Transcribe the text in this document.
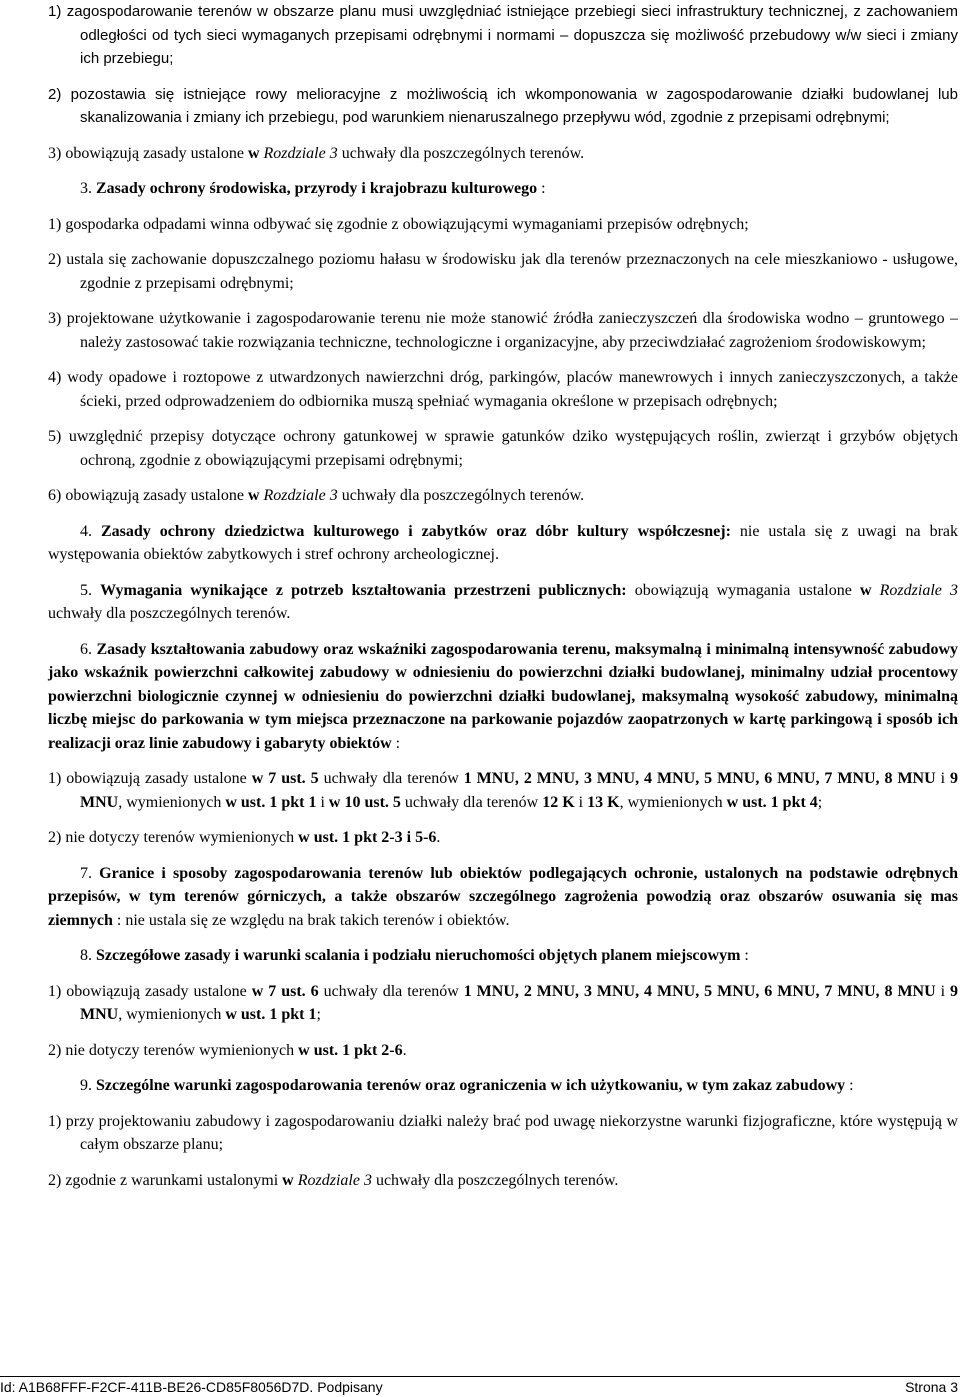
1) zagospodarowanie terenów w obszarze planu musi uwzględniać istniejące przebiegi sieci infrastruktury technicznej, z zachowaniem odległości od tych sieci wymaganych przepisami odrębnymi i normami – dopuszcza się możliwość przebudowy w/w sieci i zmiany ich przebiegu;

2) pozostawia się istniejące rowy melioracyjne z możliwością ich wkomponowania w zagospodarowanie działki budowlanej lub skanalizowania i zmiany ich przebiegu, pod warunkiem nienaruszalnego przepływu wód, zgodnie z przepisami odrębnymi;

3) obowiązują zasady ustalone w Rozdziale 3 uchwały dla poszczególnych terenów.

3. Zasady ochrony środowiska, przyrody i krajobrazu kulturowego :

1) gospodarka odpadami winna odbywać się zgodnie z obowiązującymi wymaganiami przepisów odrębnych;

2) ustala się zachowanie dopuszczalnego poziomu hałasu w środowisku jak dla terenów przeznaczonych na cele mieszkaniowo - usługowe, zgodnie z przepisami odrębnymi;

3) projektowane użytkowanie i zagospodarowanie terenu nie może stanowić źródła zanieczyszczeń dla środowiska wodno – gruntowego – należy zastosować takie rozwiązania techniczne, technologiczne i organizacyjne, aby przeciwdziałać zagrożeniom środowiskowym;

4) wody opadowe i roztopowe z utwardzonych nawierzchni dróg, parkingów, placów manewrowych i innych zanieczyszczonych, a także ścieki, przed odprowadzeniem do odbiornika muszą spełniać wymagania określone w przepisach odrębnych;

5) uwzględnić przepisy dotyczące ochrony gatunkowej w sprawie gatunków dziko występujących roślin, zwierząt i grzybów objętych ochroną, zgodnie z obowiązującymi przepisami odrębnymi;

6) obowiązują zasady ustalone w Rozdziale 3 uchwały dla poszczególnych terenów.

4. Zasady ochrony dziedzictwa kulturowego i zabytków oraz dóbr kultury współczesnej: nie ustala się z uwagi na brak występowania obiektów zabytkowych i stref ochrony archeologicznej.

5. Wymagania wynikające z potrzeb kształtowania przestrzeni publicznych: obowiązują wymagania ustalone w Rozdziale 3 uchwały dla poszczególnych terenów.

6. Zasady kształtowania zabudowy oraz wskaźniki zagospodarowania terenu, maksymalną i minimalną intensywność zabudowy jako wskaźnik powierzchni całkowitej zabudowy w odniesieniu do powierzchni działki budowlanej, minimalny udział procentowy powierzchni biologicznie czynnej w odniesieniu do powierzchni działki budowlanej, maksymalną wysokość zabudowy, minimalną liczbę miejsc do parkowania w tym miejsca przeznaczone na parkowanie pojazdów zaopatrzonych w kartę parkingową i sposób ich realizacji oraz linie zabudowy i gabaryty obiektów :

1) obowiązują zasady ustalone w 7 ust. 5 uchwały dla terenów 1 MNU, 2 MNU, 3 MNU, 4 MNU, 5 MNU, 6 MNU, 7 MNU, 8 MNU i 9 MNU, wymienionych w ust. 1 pkt 1 i w 10 ust. 5 uchwały dla terenów 12 K i 13 K, wymienionych w ust. 1 pkt 4;

2) nie dotyczy terenów wymienionych w ust. 1 pkt 2-3 i 5-6.

7. Granice i sposoby zagospodarowania terenów lub obiektów podlegających ochronie, ustalonych na podstawie odrębnych przepisów, w tym terenów górniczych, a także obszarów szczególnego zagrożenia powodzią oraz obszarów osuwania się mas ziemnych : nie ustala się ze względu na brak takich terenów i obiektów.

8. Szczegółowe zasady i warunki scalania i podziału nieruchomości objętych planem miejscowym :

1) obowiązują zasady ustalone w 7 ust. 6 uchwały dla terenów 1 MNU, 2 MNU, 3 MNU, 4 MNU, 5 MNU, 6 MNU, 7 MNU, 8 MNU i 9 MNU, wymienionych w ust. 1 pkt 1;

2) nie dotyczy terenów wymienionych w ust. 1 pkt 2-6.

9. Szczególne warunki zagospodarowania terenów oraz ograniczenia w ich użytkowaniu, w tym zakaz zabudowy :

1) przy projektowaniu zabudowy i zagospodarowaniu działki należy brać pod uwagę niekorzystne warunki fizjograficzne, które występują w całym obszarze planu;

2) zgodnie z warunkami ustalonymi w Rozdziale 3 uchwały dla poszczególnych terenów.

Id: A1B68FFF-F2CF-411B-BE26-CD85F8056D7D. Podpisany	Strona 3
